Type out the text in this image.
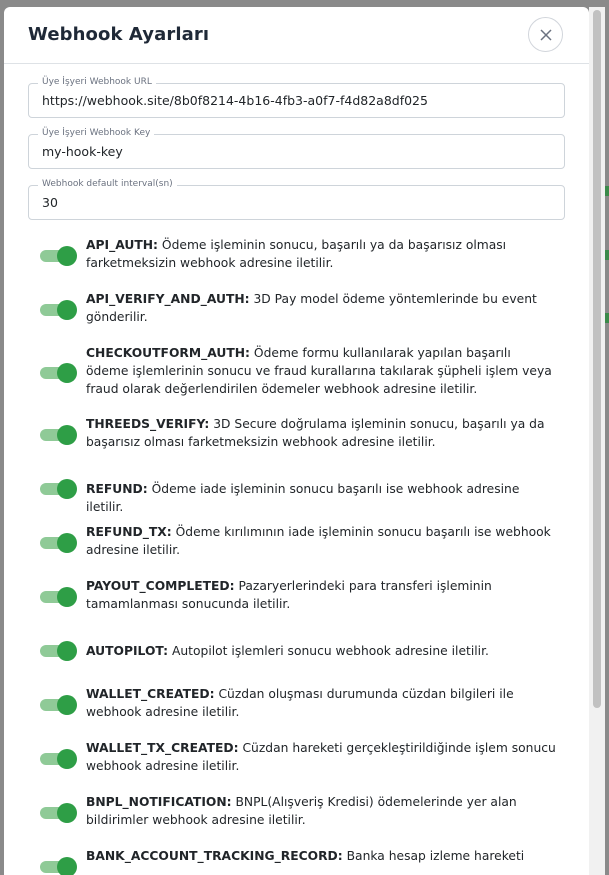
Webhook Ayarları
Üye İşyeri Webhook URL
https://webhook.site/8b0f8214-4b16-4fb3-a0f7-f4d82a8df025
Üye İşyeri Webhook Key
my-hook-key
Webhook default interval(sn)
30
API_AUTH: Ödeme işleminin sonucu, başarılı ya da başarısız olması farketmeksizin webhook adresine iletilir.
API_VERIFY_AND_AUTH: 3D Pay model ödeme yöntemlerinde bu event gönderilir.
CHECKOUTFORM_AUTH: Ödeme formu kullanılarak yapılan başarılı ödeme işlemlerinin sonucu ve fraud kurallarına takılarak şüpheli işlem veya fraud olarak değerlendirilen ödemeler webhook adresine iletilir.
THREEDS_VERIFY: 3D Secure doğrulama işleminin sonucu, başarılı ya da başarısız olması farketmeksizin webhook adresine iletilir.
REFUND: Ödeme iade işleminin sonucu başarılı ise webhook adresine iletilir.
REFUND_TX: Ödeme kırılımının iade işleminin sonucu başarılı ise webhook adresine iletilir.
PAYOUT_COMPLETED: Pazaryerlerindeki para transferi işleminin tamamlanması sonucunda iletilir.
AUTOPILOT: Autopilot işlemleri sonucu webhook adresine iletilir.
WALLET_CREATED: Cüzdan oluşması durumunda cüzdan bilgileri ile webhook adresine iletilir.
WALLET_TX_CREATED: Cüzdan hareketi gerçekleştirildiğinde işlem sonucu webhook adresine iletilir.
BNPL_NOTIFICATION: BNPL(Alışveriş Kredisi) ödemelerinde yer alan bildirimler webhook adresine iletilir.
BANK_ACCOUNT_TRACKING_RECORD: Banka hesap izleme hareketi
